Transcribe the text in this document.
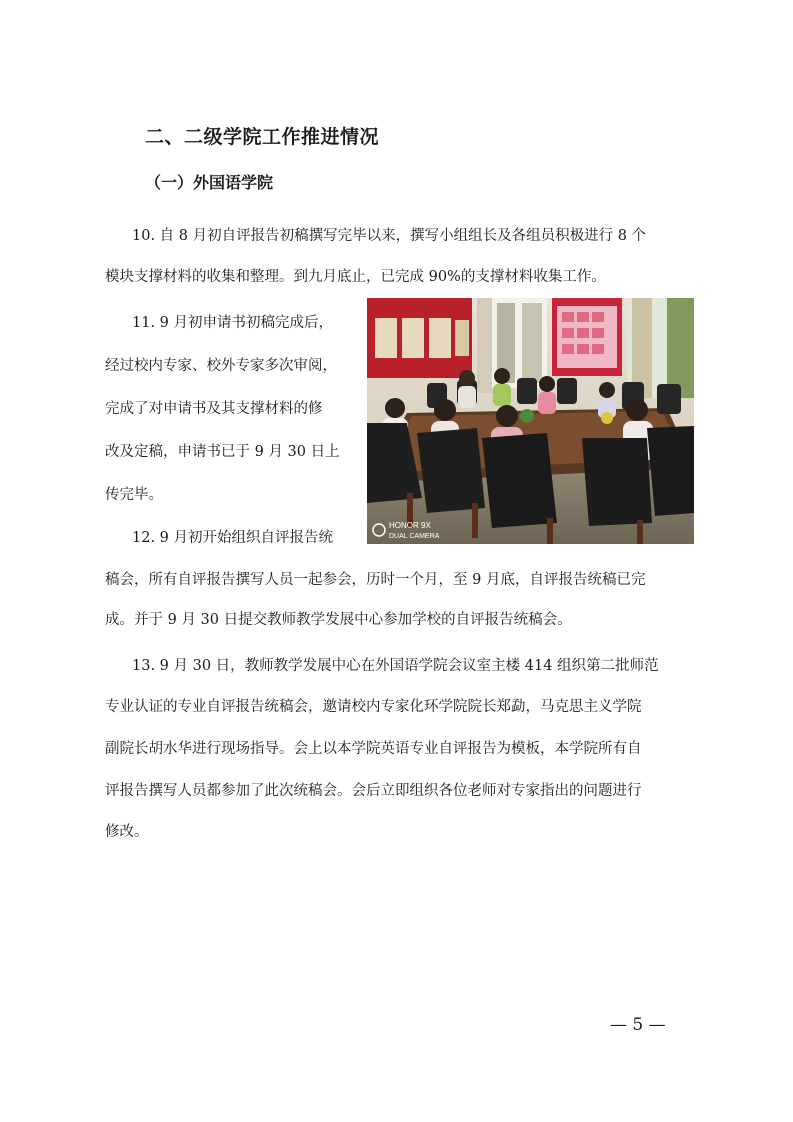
二、二级学院工作推进情况
（一）外国语学院
10. 自 8 月初自评报告初稿撰写完毕以来，撰写小组组长及各组员积极进行 8 个
模块支撑材料的收集和整理。到九月底止，已完成 90%的支撑材料收集工作。
11. 9 月初申请书初稿完成后，
经过校内专家、校外专家多次审阅，
完成了对申请书及其支撑材料的修
改及定稿，申请书已于 9 月 30 日上
传完毕。
12. 9 月初开始组织自评报告统
稿会，所有自评报告撰写人员一起参会，历时一个月，至 9 月底，自评报告统稿已完
成。并于 9 月 30 日提交教师教学发展中心参加学校的自评报告统稿会。
13. 9 月 30 日，教师教学发展中心在外国语学院会议室主楼 414 组织第二批师范
专业认证的专业自评报告统稿会，邀请校内专家化环学院院长郑勐，马克思主义学院
副院长胡水华进行现场指导。会上以本学院英语专业自评报告为模板，本学院所有自
评报告撰写人员都参加了此次统稿会。会后立即组织各位老师对专家指出的问题进行
修改。
HONOR 9X
DUAL CAMERA
— 5 —
